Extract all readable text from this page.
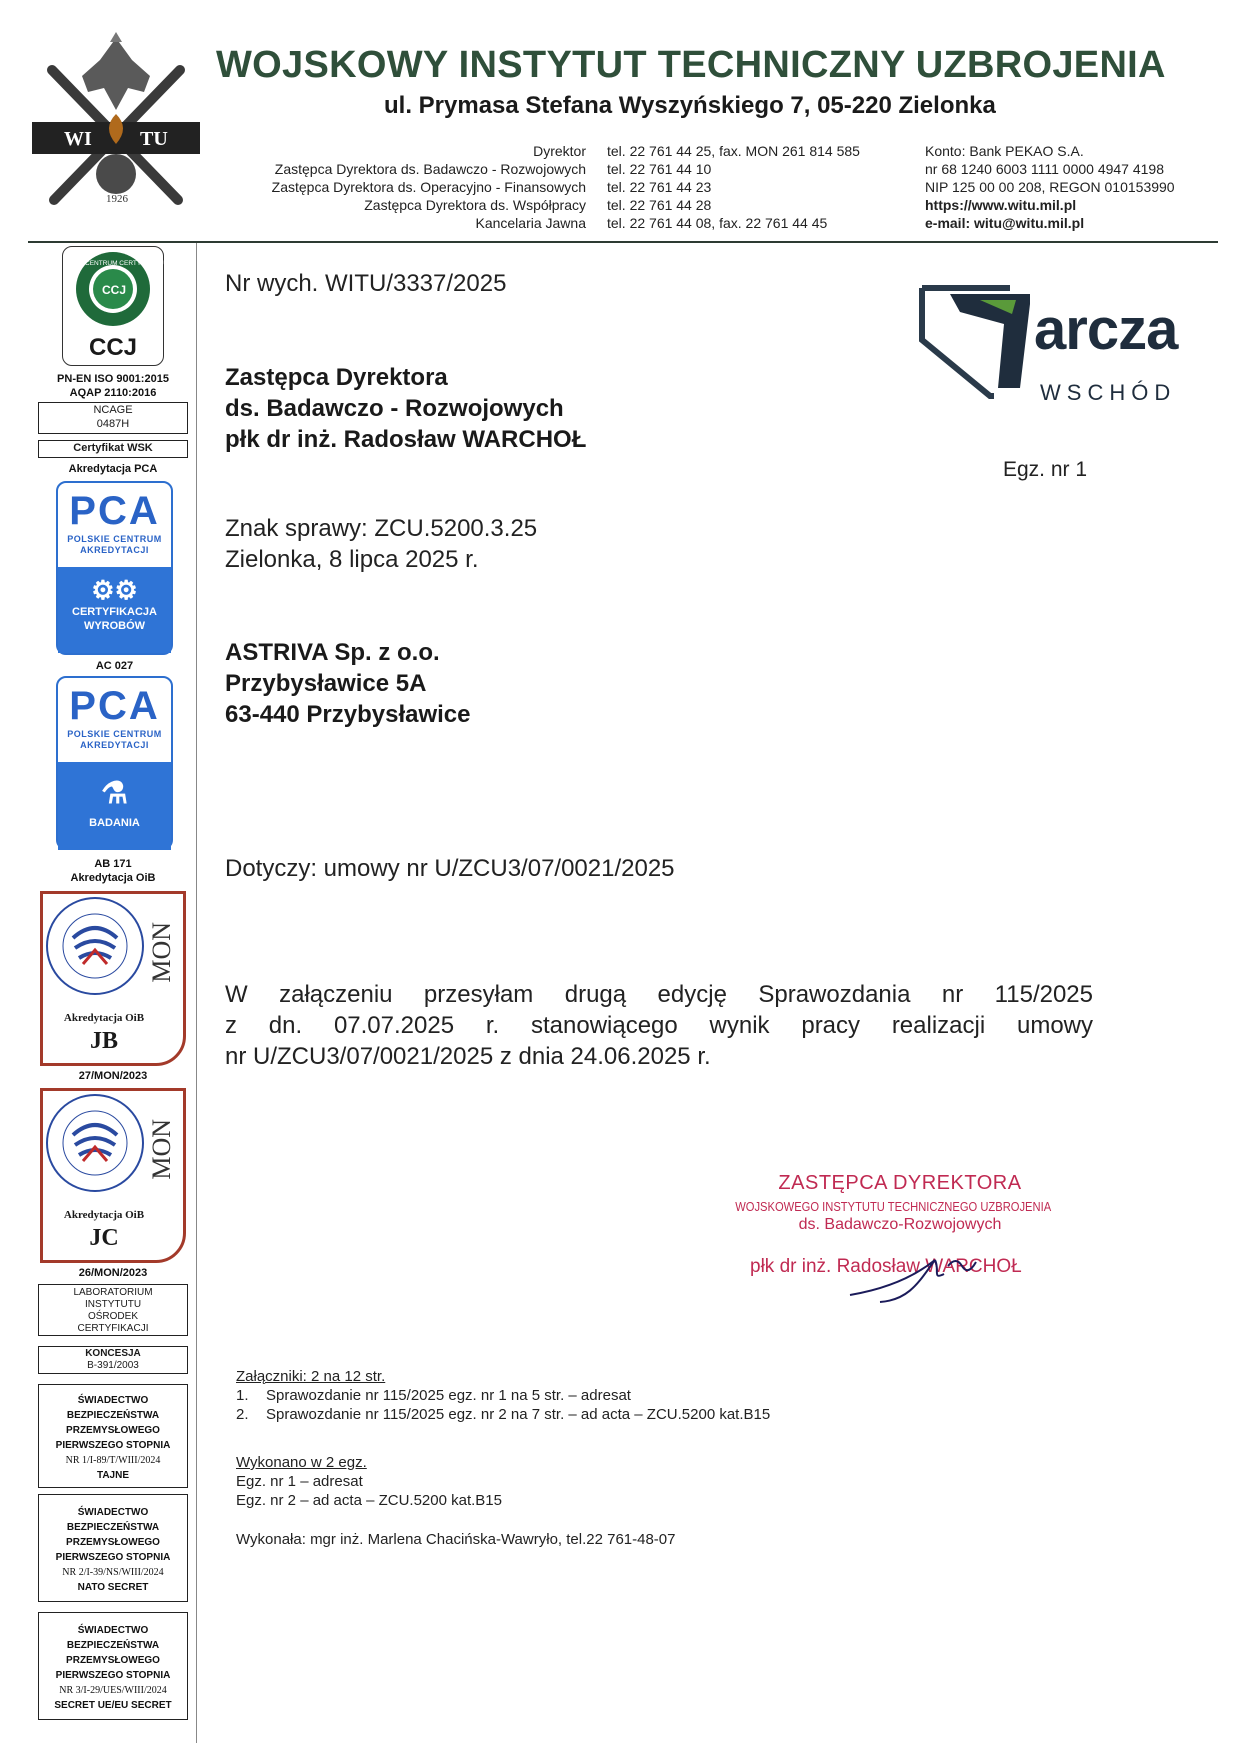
WI TU
1926
WOJSKOWY INSTYTUT TECHNICZNY UZBROJENIA
ul. Prymasa Stefana Wyszyńskiego 7, 05-220 Zielonka
Dyrektor
Zastępca Dyrektora ds. Badawczo - Rozwojowych
Zastępca Dyrektora ds. Operacyjno - Finansowych
Zastępca Dyrektora ds. Współpracy
Kancelaria Jawna
tel. 22 761 44 25, fax. MON 261 814 585
tel. 22 761 44 10
tel. 22 761 44 23
tel. 22 761 44 28
tel. 22 761 44 08, fax. 22 761 44 45
Konto: Bank PEKAO S.A.
nr 68 1240 6003 1111 0000 4947 4198
NIP 125 00 00 208, REGON 010153990
https://www.witu.mil.pl
e-mail: witu@witu.mil.pl
CCJ
CENTRUM CERTYFIKACJI JAKOŚCI
CCJ
PN-EN ISO 9001:2015
AQAP 2110:2016
NCAGE
0487H
Certyfikat WSK
Akredytacja PCA
PCA
POLSKIE CENTRUM
AKREDYTACJI
⚙⚙
CERTYFIKACJA
WYROBÓW
AC 027
PCA
POLSKIE CENTRUM
AKREDYTACJI
⚗
BADANIA
AB 171
Akredytacja OiB
MON
Akredytacja OiB
JB
27/MON/2023
MON
Akredytacja OiB
JC
26/MON/2023
LABORATORIUM
INSTYTUTU
OŚRODEK
CERTYFIKACJI
KONCESJA
B-391/2003
ŚWIADECTWO
BEZPIECZEŃSTWA
PRZEMYSŁOWEGO
PIERWSZEGO STOPNIA
NR 1/I-89/T/WIII/2024
TAJNE
ŚWIADECTWO
BEZPIECZEŃSTWA
PRZEMYSŁOWEGO
PIERWSZEGO STOPNIA
NR 2/I-39/NS/WIII/2024
NATO SECRET
ŚWIADECTWO
BEZPIECZEŃSTWA
PRZEMYSŁOWEGO
PIERWSZEGO STOPNIA
NR 3/I-29/UES/WIII/2024
SECRET UE/EU SECRET
Nr wych. WITU/3337/2025
arcza
WSCHÓD
Zastępca Dyrektora
ds. Badawczo - Rozwojowych
płk dr inż. Radosław WARCHOŁ
Egz. nr 1
Znak sprawy: ZCU.5200.3.25
Zielonka, 8 lipca 2025 r.
ASTRIVA Sp. z o.o.
Przybysławice 5A
63-440 Przybysławice
Dotyczy: umowy nr U/ZCU3/07/0021/2025
W załączeniu przesyłam drugą edycję Sprawozdania nr 115/2025
z dn. 07.07.2025 r. stanowiącego wynik pracy realizacji umowy
nr U/ZCU3/07/0021/2025 z dnia 24.06.2025 r.
ZASTĘPCA DYREKTORA
WOJSKOWEGO INSTYTUTU TECHNICZNEGO UZBROJENIA
ds. Badawczo-Rozwojowych
płk dr inż. Radosław WARCHOŁ
Załączniki: 2 na 12 str.
1. Sprawozdanie nr 115/2025 egz. nr 1 na 5 str. – adresat
2. Sprawozdanie nr 115/2025 egz. nr 2 na 7 str. – ad acta – ZCU.5200 kat.B15
Wykonano w 2 egz.
Egz. nr 1 – adresat
Egz. nr 2 – ad acta – ZCU.5200 kat.B15
Wykonała: mgr inż. Marlena Chacińska-Wawryło, tel.22 761-48-07
